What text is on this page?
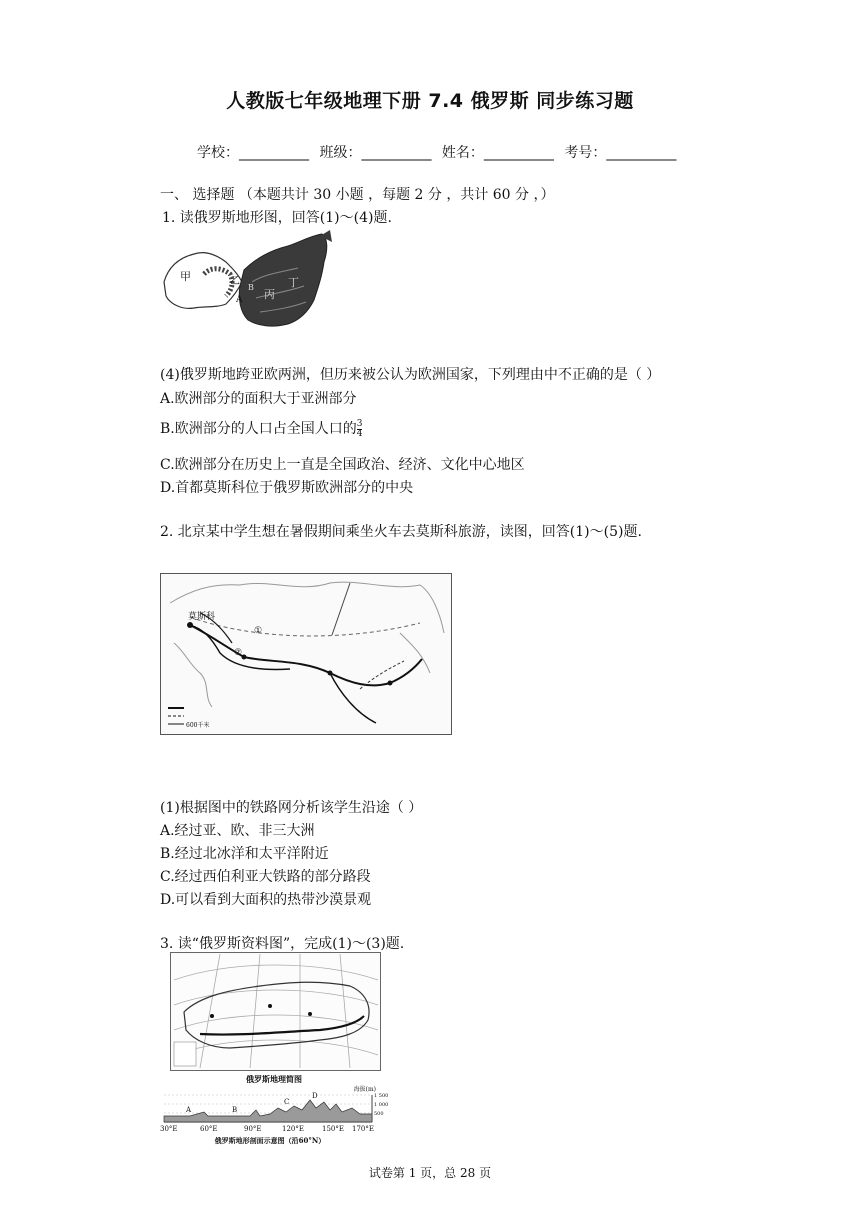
人教版七年级地理下册 7.4 俄罗斯 同步练习题
学校：__________ 班级：__________ 姓名：__________ 考号：__________
一、 选择题 （本题共计 30 小题 ，每题 2 分 ，共计 60 分 ，）
1. 读俄罗斯地形图，回答(1)～(4)题.
甲	乙
丙
丁
A
B
(4)俄罗斯地跨亚欧两洲，但历来被公认为欧洲国家，下列理由中不正确的是（ ）
A.欧洲部分的面积大于亚洲部分
B.欧洲部分的人口占全国人口的 $\frac{3}{4}$
C.欧洲部分在历史上一直是全国政治、经济、文化中心地区
D.首都莫斯科位于俄罗斯欧洲部分的中央
2. 北京某中学生想在暑假期间乘坐火车去莫斯科旅游，读图，回答(1)～(5)题.
莫斯科
①
②
600千米
(1)根据图中的铁路网分析该学生沿途（ ）
A.经过亚、欧、非三大洲
B.经过北冰洋和太平洋附近
C.经过西伯利亚大铁路的部分路段
D.可以看到大面积的热带沙漠景观
3. 读“俄罗斯资料图”，完成(1)～(3)题.
俄罗斯地理简图
海拔(m)
1 500
1 000
500
A	B
C
D
30°E	60°E	90°E	120°E	150°E 170°E
俄罗斯地形剖面示意图（沿60°N）
试卷第 1 页，总 28 页
